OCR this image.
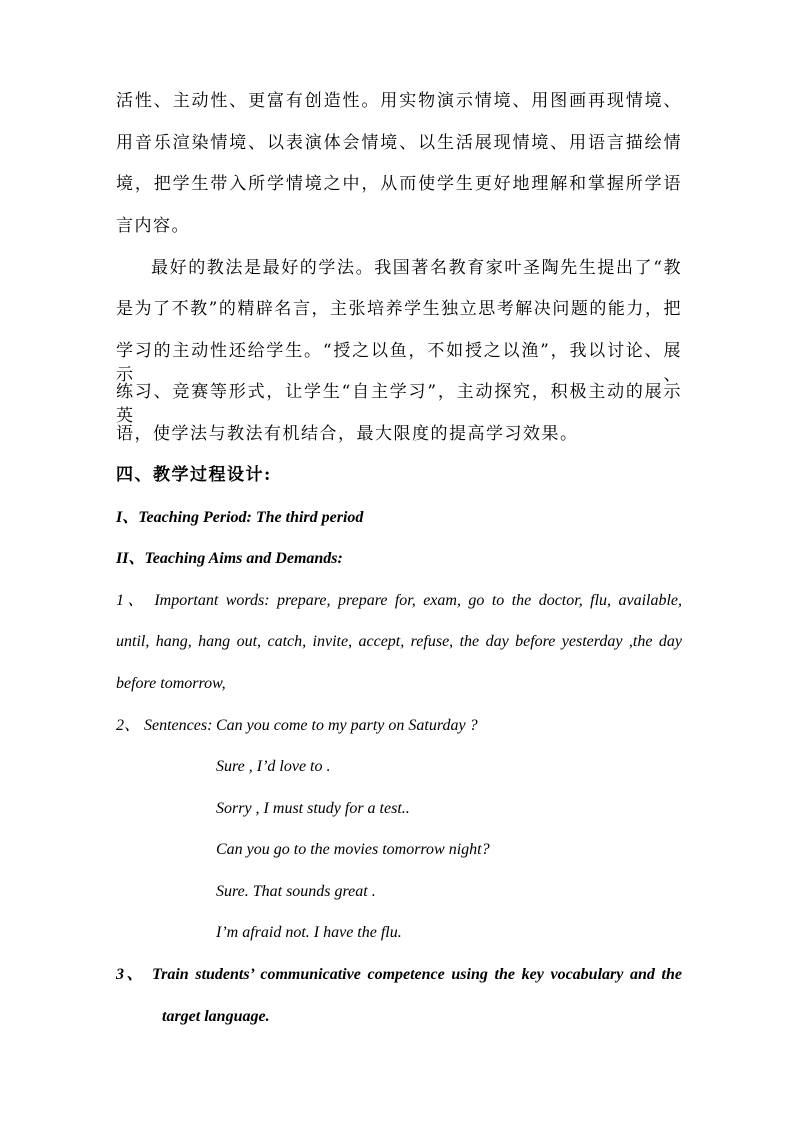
活性、主动性、更富有创造性。用实物演示情境、用图画再现情境、
用音乐渲染情境、以表演体会情境、以生活展现情境、用语言描绘情
境，把学生带入所学情境之中，从而使学生更好地理解和掌握所学语
言内容。
最好的教法是最好的学法。我国著名教育家叶圣陶先生提出了“教
是为了不教”的精辟名言，主张培养学生独立思考解决问题的能力，把
学习的主动性还给学生。“授之以鱼，不如授之以渔”，我以讨论、展示、
练习、竞赛等形式，让学生“自主学习”，主动探究，积极主动的展示英
语，使学法与教法有机结合，最大限度的提高学习效果。
四、教学过程设计:
I、Teaching Period: The third period
II、Teaching Aims and Demands:
1、 Important words: prepare, prepare for, exam, go to the doctor, flu, available,
until, hang, hang out, catch, invite, accept, refuse, the day before yesterday ,the day
before tomorrow,
2、 Sentences: Can you come to my party on Saturday ?
Sure , I’d love to .
Sorry , I must study for a test..
Can you go to the movies tomorrow night?
Sure. That sounds great .
I’m afraid not. I have the flu.
3、 Train students’ communicative competence using the key vocabulary and the
target language.
